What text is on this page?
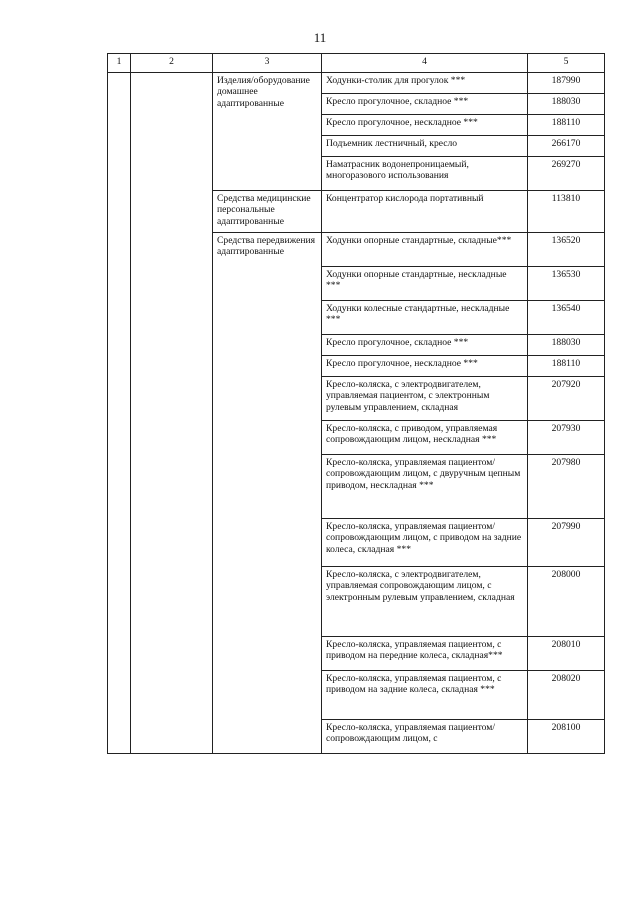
11
1	2	3	4	5
		Изделия/оборудование домашнее адаптированные	Ходунки-столик для прогулок ***	187990
			Кресло прогулочное, складное ***	188030
			Кресло прогулочное, нескладное ***	188110
			Подъемник лестничный, кресло	266170
			Наматрасник водонепроницаемый, многоразового использования	269270
		Средства медицинские персональные адаптированные	Концентратор кислорода портативный	113810
		Средства передвижения адаптированные	Ходунки опорные стандартные, складные***	136520
			Ходунки опорные стандартные, нескладные ***	136530
			Ходунки колесные стандартные, нескладные ***	136540
			Кресло прогулочное, складное ***	188030
			Кресло прогулочное, нескладное ***	188110
			Кресло-коляска, с электродвигателем, управляемая пациентом, с электронным рулевым управлением, складная	207920
			Кресло-коляска, с приводом, управляемая сопровождающим лицом, нескладная ***	207930
			Кресло-коляска, управляемая пациентом/сопровождающим лицом, с двуручным цепным приводом, нескладная ***	207980
			Кресло-коляска, управляемая пациентом/сопровождающим лицом, с приводом на задние колеса, складная ***	207990
			Кресло-коляска, с электродвигателем, управляемая сопровождающим лицом, с электронным рулевым управлением, складная	208000
			Кресло-коляска, управляемая пациентом, с приводом на передние колеса, складная***	208010
			Кресло-коляска, управляемая пациентом, с приводом на задние колеса, складная ***	208020
			Кресло-коляска, управляемая пациентом/сопровождающим лицом, с	208100
